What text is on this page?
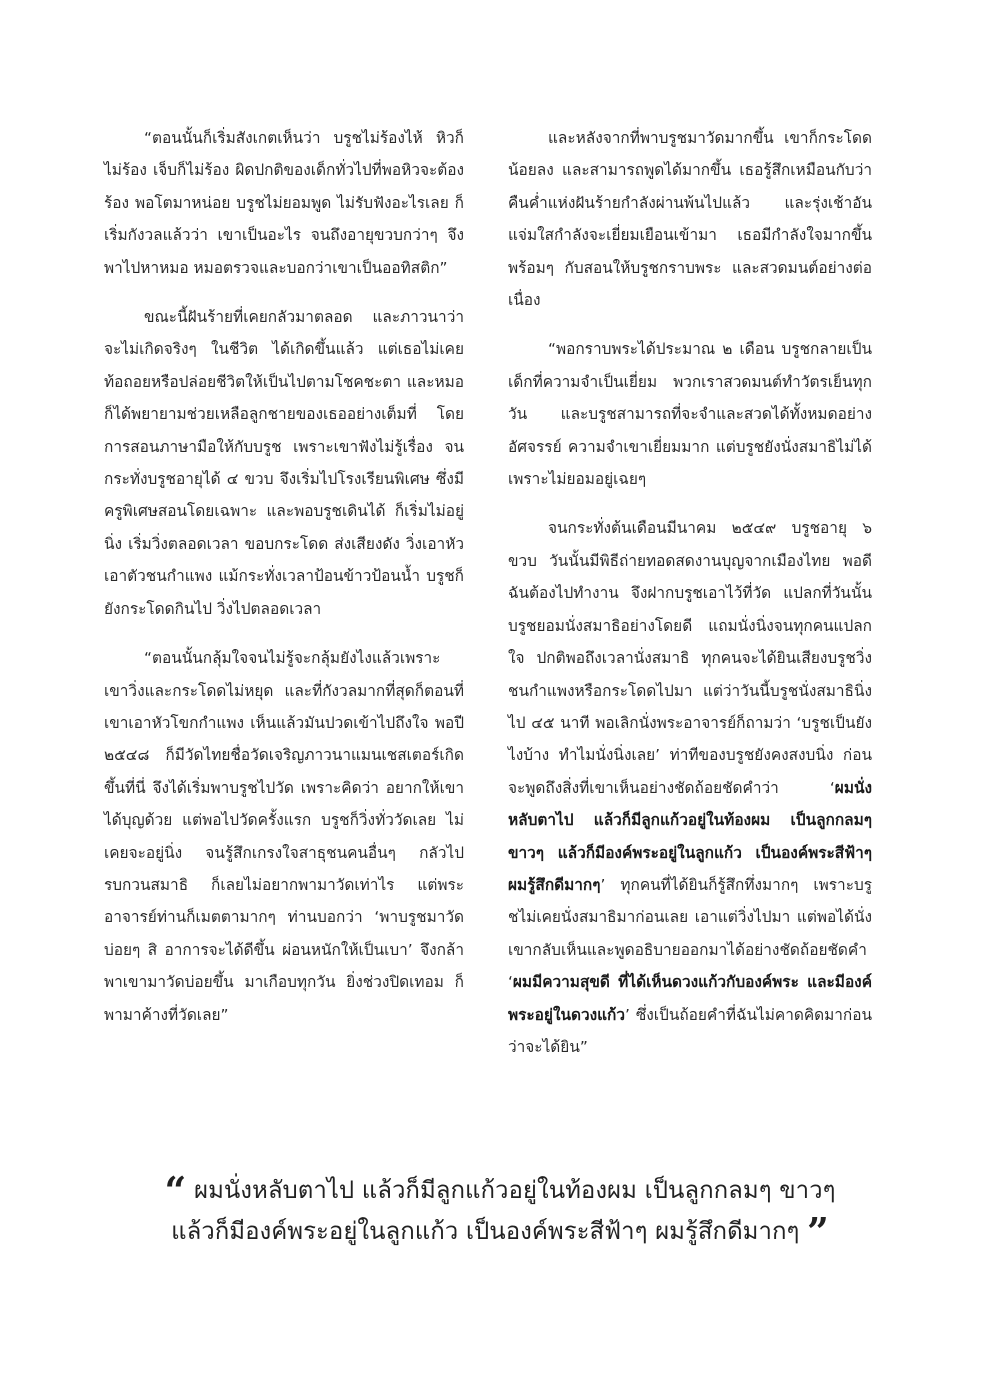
“ตอนนั้นก็เริ่มสังเกตเห็นว่า บรูชไม่ร้องไห้ หิวก็ไม่ร้อง เจ็บก็ไม่ร้อง ผิดปกติของเด็กทั่วไปที่พอหิวจะต้องร้อง พอโตมาหน่อย บรูชไม่ยอมพูด ไม่รับฟังอะไรเลย ก็เริ่มกังวลแล้วว่า เขาเป็นอะไร จนถึงอายุขวบกว่าๆ จึงพาไปหาหมอ หมอตรวจและบอกว่าเขาเป็นออทิสติก”

ขณะนี้ฝันร้ายที่เคยกลัวมาตลอด และภาวนาว่าจะไม่เกิดจริงๆ ในชีวิต ได้เกิดขึ้นแล้ว แต่เธอไม่เคยท้อถอยหรือปล่อยชีวิตให้เป็นไปตามโชคชะตา และหมอก็ได้พยายามช่วยเหลือลูกชายของเธออย่างเต็มที่ โดยการสอนภาษามือให้กับบรูช เพราะเขาฟังไม่รู้เรื่อง จนกระทั่งบรูชอายุได้ ๔ ขวบ จึงเริ่มไปโรงเรียนพิเศษ ซึ่งมีครูพิเศษสอนโดยเฉพาะ และพอบรูชเดินได้ ก็เริ่มไม่อยู่นิ่ง เริ่มวิ่งตลอดเวลา ขอบกระโดด ส่งเสียงดัง วิ่งเอาหัว เอาตัวชนกำแพง แม้กระทั่งเวลาป้อนข้าวป้อนน้ำ บรูชก็ยังกระโดดกินไป วิ่งไปตลอดเวลา

“ตอนนั้นกลุ้มใจจนไม่รู้จะกลุ้มยังไงแล้วเพราะเขาวิ่งและกระโดดไม่หยุด และที่กังวลมากที่สุดก็ตอนที่เขาเอาหัวโขกกำแพง เห็นแล้วมันปวดเข้าไปถึงใจ พอปี ๒๕๔๘ ก็มีวัดไทยชื่อวัดเจริญภาวนาแมนเชสเตอร์เกิดขึ้นที่นี่ จึงได้เริ่มพาบรูชไปวัด เพราะคิดว่า อยากให้เขาได้บุญด้วย แต่พอไปวัดครั้งแรก บรูชก็วิ่งทั่ววัดเลย ไม่เคยจะอยู่นิ่ง จนรู้สึกเกรงใจสาธุชนคนอื่นๆ กลัวไปรบกวนสมาธิ ก็เลยไม่อยากพามาวัดเท่าไร แต่พระอาจารย์ท่านก็เมตตามากๆ ท่านบอกว่า ‘พาบรูชมาวัดบ่อยๆ สิ อาการจะได้ดีขึ้น ผ่อนหนักให้เป็นเบา’ จึงกล้าพาเขามาวัดบ่อยขึ้น มาเกือบทุกวัน ยิ่งช่วงปิดเทอม ก็พามาค้างที่วัดเลย”

และหลังจากที่พาบรูชมาวัดมากขึ้น เขาก็กระโดดน้อยลง และสามารถพูดได้มากขึ้น เธอรู้สึกเหมือนกับว่า คืนค่ำแห่งฝันร้ายกำลังผ่านพ้นไปแล้ว และรุ่งเช้าอันแจ่มใสกำลังจะเยี่ยมเยือนเข้ามา เธอมีกำลังใจมากขึ้น พร้อมๆ กับสอนให้บรูชกราบพระ และสวดมนต์อย่างต่อเนื่อง

“พอกราบพระได้ประมาณ ๒ เดือน บรูชกลายเป็นเด็กที่ความจำเป็นเยี่ยม พวกเราสวดมนต์ทำวัตรเย็นทุกวัน และบรูชสามารถที่จะจำและสวดได้ทั้งหมดอย่างอัศจรรย์ ความจำเขาเยี่ยมมาก แต่บรูชยังนั่งสมาธิไม่ได้ เพราะไม่ยอมอยู่เฉยๆ

จนกระทั่งต้นเดือนมีนาคม ๒๕๔๙ บรูชอายุ ๖ ขวบ วันนั้นมีพิธีถ่ายทอดสดงานบุญจากเมืองไทย พอดีฉันต้องไปทำงาน จึงฝากบรูชเอาไว้ที่วัด แปลกที่วันนั้นบรูชยอมนั่งสมาธิอย่างโดยดี แถมนั่งนิ่งจนทุกคนแปลกใจ ปกติพอถึงเวลานั่งสมาธิ ทุกคนจะได้ยินเสียงบรูชวิ่งชนกำแพงหรือกระโดดไปมา แต่ว่าวันนี้บรูชนั่งสมาธินิ่งไป ๔๕ นาที พอเลิกนั่งพระอาจารย์ก็ถามว่า ‘บรูชเป็นยังไงบ้าง ทำไมนั่งนิ่งเลย’ ท่าทีของบรูชยังคงสงบนิ่ง ก่อนจะพูดถึงสิ่งที่เขาเห็นอย่างชัดถ้อยชัดคำว่า ‘ผมนั่งหลับตาไป แล้วก็มีลูกแก้วอยู่ในท้องผม เป็นลูกกลมๆ ขาวๆ แล้วก็มีองค์พระอยู่ในลูกแก้ว เป็นองค์พระสีฟ้าๆ ผมรู้สึกดีมากๆ’ ทุกคนที่ได้ยินก็รู้สึกทึ่งมากๆ เพราะบรูชไม่เคยนั่งสมาธิมาก่อนเลย เอาแต่วิ่งไปมา แต่พอได้นั่ง เขากลับเห็นและพูดอธิบายออกมาได้อย่างชัดถ้อยชัดคำ ‘ผมมีความสุขดี ที่ได้เห็นดวงแก้วกับองค์พระ และมีองค์พระอยู่ในดวงแก้ว’ ซึ่งเป็นถ้อยคำที่ฉันไม่คาดคิดมาก่อนว่าจะได้ยิน”

“ ผมนั่งหลับตาไป แล้วก็มีลูกแก้วอยู่ในท้องผม เป็นลูกกลมๆ ขาวๆ
แล้วก็มีองค์พระอยู่ในลูกแก้ว เป็นองค์พระสีฟ้าๆ ผมรู้สึกดีมากๆ ”
